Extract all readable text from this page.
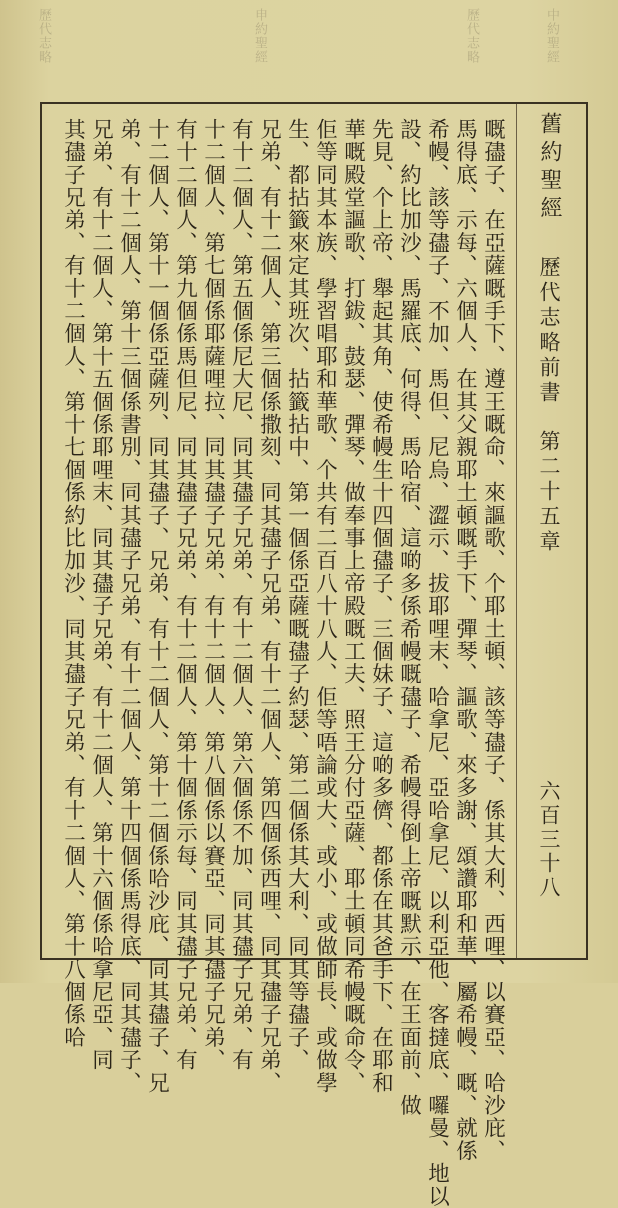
中約聖經
歷代志略
申約聖經
歷代志略
舊約聖經
歷代志略前書
第二十五章
六百三十八
嘅孻子、在亞薩嘅手下、遵王嘅命、來謳歌、个耶土頓、該等孻子、係其大利、西哩、以賽亞、哈沙庇、
馬得底、示每、六個人、在其父親耶土頓嘅手下、彈琴、謳歌、來多謝、頌讚耶和華、屬希幔、嘅、就係
希幔、該等孻子、不加、馬但、尼烏、澀示、拔耶哩末、哈拿尼、亞哈拿尼、以利亞他、客撻底、囉曼、地以
設、約比加沙、馬羅底、何得、馬哈宿、這啲多係希幔嘅孻子、希幔得倒上帝嘅默示、在王面前、做
先見、个上帝、舉起其角、使希幔生十四個孻子、三個妹子、這啲多儕、都係在其爸手下、在耶和
華嘅殿堂謳歌、打鈸、鼓瑟、彈琴、做奉事上帝殿嘅工夫、照王分付亞薩、耶土頓同希幔嘅命令、
佢等同其本族、學習唱耶和華歌、个共有二百八十八人、佢等唔論或大、或小、或做師長、或做學
生、都拈籤來定其班次、拈籤拈中、第一個係亞薩嘅孻子約瑟、第二個係其大利、同其等孻子、
兄弟、有十二個人、第三個係撒刻、同其孻子兄弟、有十二個人、第四個係西哩、同其孻子兄弟、
有十二個人、第五個係尼大尼、同其孻子兄弟、有十二個人、第六個係不加、同其孻子兄弟、有
十二個人、第七個係耶薩哩拉、同其孻子兄弟、有十二個人、第八個係以賽亞、同其孻子兄弟、
有十二個人、第九個係馬但尼、同其孻子兄弟、有十二個人、第十個係示每、同其孻子兄弟、有
十二個人、第十一個係亞薩列、同其孻子、兄弟、有十二個人、第十二個係哈沙庇、同其孻子、兄
弟、有十二個人、第十三個係書別、同其孻子兄弟、有十二個人、第十四個係馬得底、同其孻子、
兄弟、有十二個人、第十五個係耶哩末、同其孻子兄弟、有十二個人、第十六個係哈拿尼亞、同
其孻子兄弟、有十二個人、第十七個係約比加沙、同其孻子兄弟、有十二個人、第十八個係哈
